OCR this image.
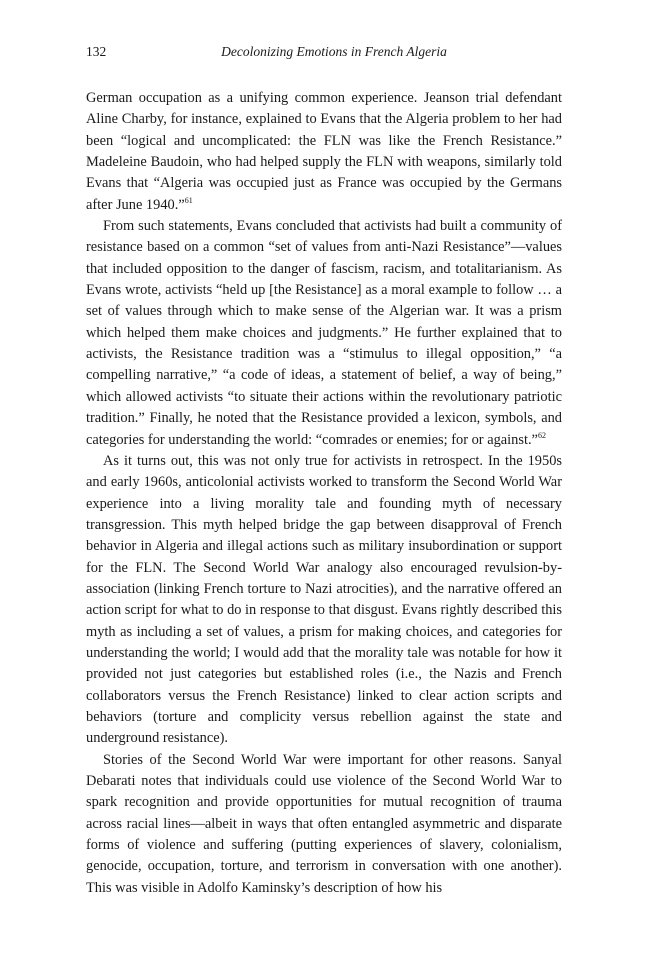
132	Decolonizing Emotions in French Algeria

German occupation as a unifying common experience. Jeanson trial defendant Aline Charby, for instance, explained to Evans that the Algeria problem to her had been “logical and uncomplicated: the FLN was like the French Resistance.” Madeleine Baudoin, who had helped supply the FLN with weapons, similarly told Evans that “Algeria was occupied just as France was occupied by the Germans after June 1940.”$^{61}$

From such statements, Evans concluded that activists had built a community of resistance based on a common “set of values from anti-Nazi Resistance”—values that included opposition to the danger of fascism, racism, and totalitarianism. As Evans wrote, activists “held up [the Resistance] as a moral example to follow … a set of values through which to make sense of the Algerian war. It was a prism which helped them make choices and judgments.” He further explained that to activists, the Resistance tradition was a “stimulus to illegal opposition,” “a compelling narrative,” “a code of ideas, a statement of belief, a way of being,” which allowed activists “to situate their actions within the revolutionary patriotic tradition.” Finally, he noted that the Resistance provided a lexicon, symbols, and categories for understanding the world: “comrades or enemies; for or against.”$^{62}$

As it turns out, this was not only true for activists in retrospect. In the 1950s and early 1960s, anticolonial activists worked to transform the Second World War experience into a living morality tale and founding myth of necessary transgression. This myth helped bridge the gap between disapproval of French behavior in Algeria and illegal actions such as military insubordination or support for the FLN. The Second World War analogy also encouraged revulsion-by-association (linking French torture to Nazi atrocities), and the narrative offered an action script for what to do in response to that disgust. Evans rightly described this myth as including a set of values, a prism for making choices, and categories for understanding the world; I would add that the morality tale was notable for how it provided not just categories but established roles (i.e., the Nazis and French collaborators versus the French Resistance) linked to clear action scripts and behaviors (torture and complicity versus rebellion against the state and underground resistance).

Stories of the Second World War were important for other reasons. Sanyal Debarati notes that individuals could use violence of the Second World War to spark recognition and provide opportunities for mutual recognition of trauma across racial lines—albeit in ways that often entangled asymmetric and disparate forms of violence and suffering (putting experiences of slavery, colonialism, genocide, occupation, torture, and terrorism in conversation with one another). This was visible in Adolfo Kaminsky’s description of how his
